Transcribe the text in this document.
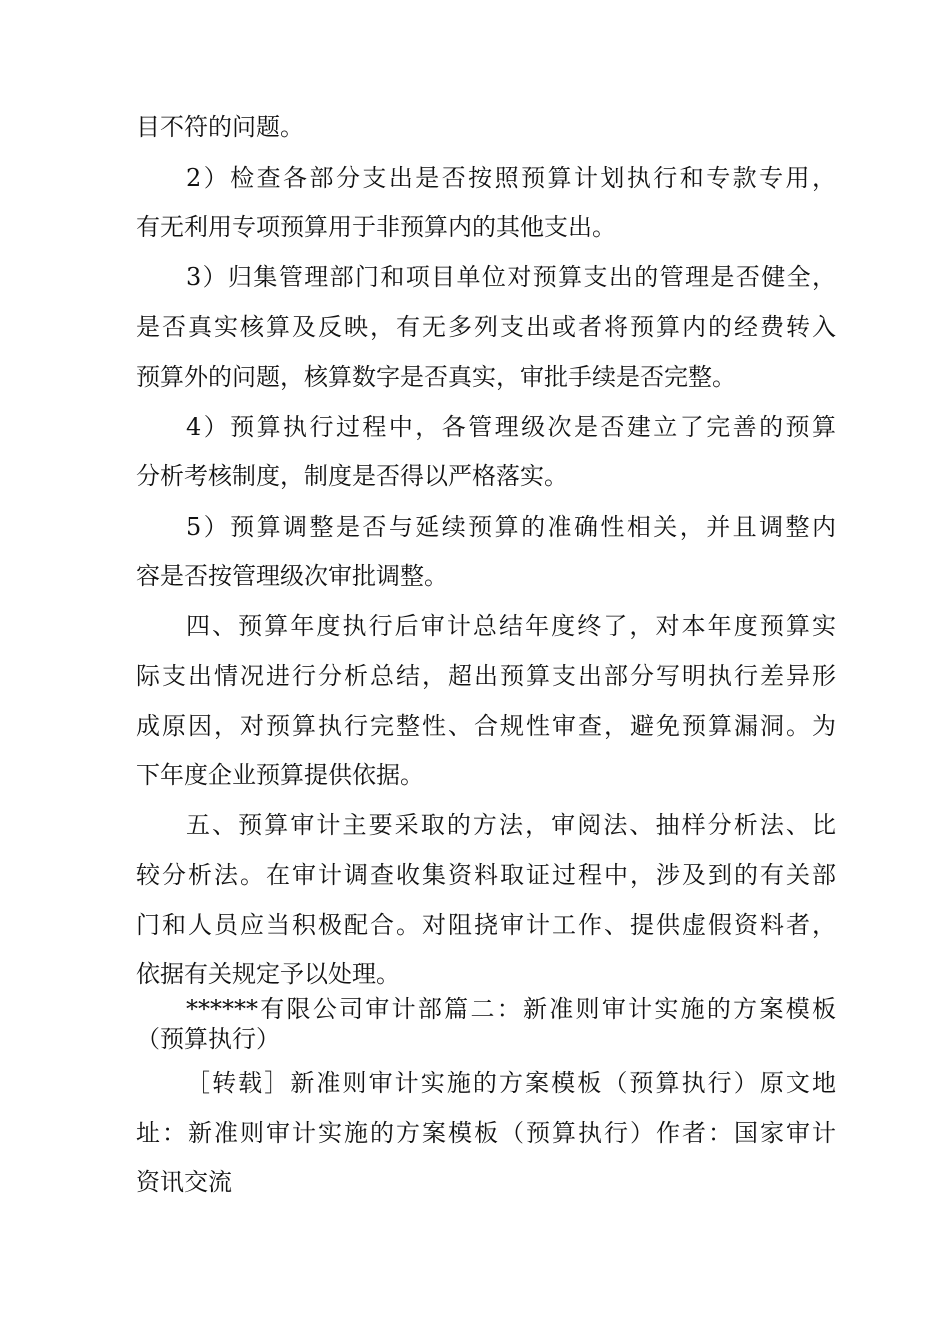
目不符的问题。
2）检查各部分支出是否按照预算计划执行和专款专用，
有无利用专项预算用于非预算内的其他支出。
3）归集管理部门和项目单位对预算支出的管理是否健全，
是否真实核算及反映，有无多列支出或者将预算内的经费转入
预算外的问题，核算数字是否真实，审批手续是否完整。
4）预算执行过程中，各管理级次是否建立了完善的预算
分析考核制度，制度是否得以严格落实。
5）预算调整是否与延续预算的准确性相关，并且调整内
容是否按管理级次审批调整。
四、预算年度执行后审计总结年度终了，对本年度预算实
际支出情况进行分析总结，超出预算支出部分写明执行差异形
成原因，对预算执行完整性、合规性审查，避免预算漏洞。为
下年度企业预算提供依据。
五、预算审计主要采取的方法，审阅法、抽样分析法、比
较分析法。在审计调查收集资料取证过程中，涉及到的有关部
门和人员应当积极配合。对阻挠审计工作、提供虚假资料者，
依据有关规定予以处理。
******有限公司审计部篇二：新准则审计实施的方案模板
（预算执行）
［转载］新准则审计实施的方案模板（预算执行）原文地
址：新准则审计实施的方案模板（预算执行）作者：国家审计
资讯交流
